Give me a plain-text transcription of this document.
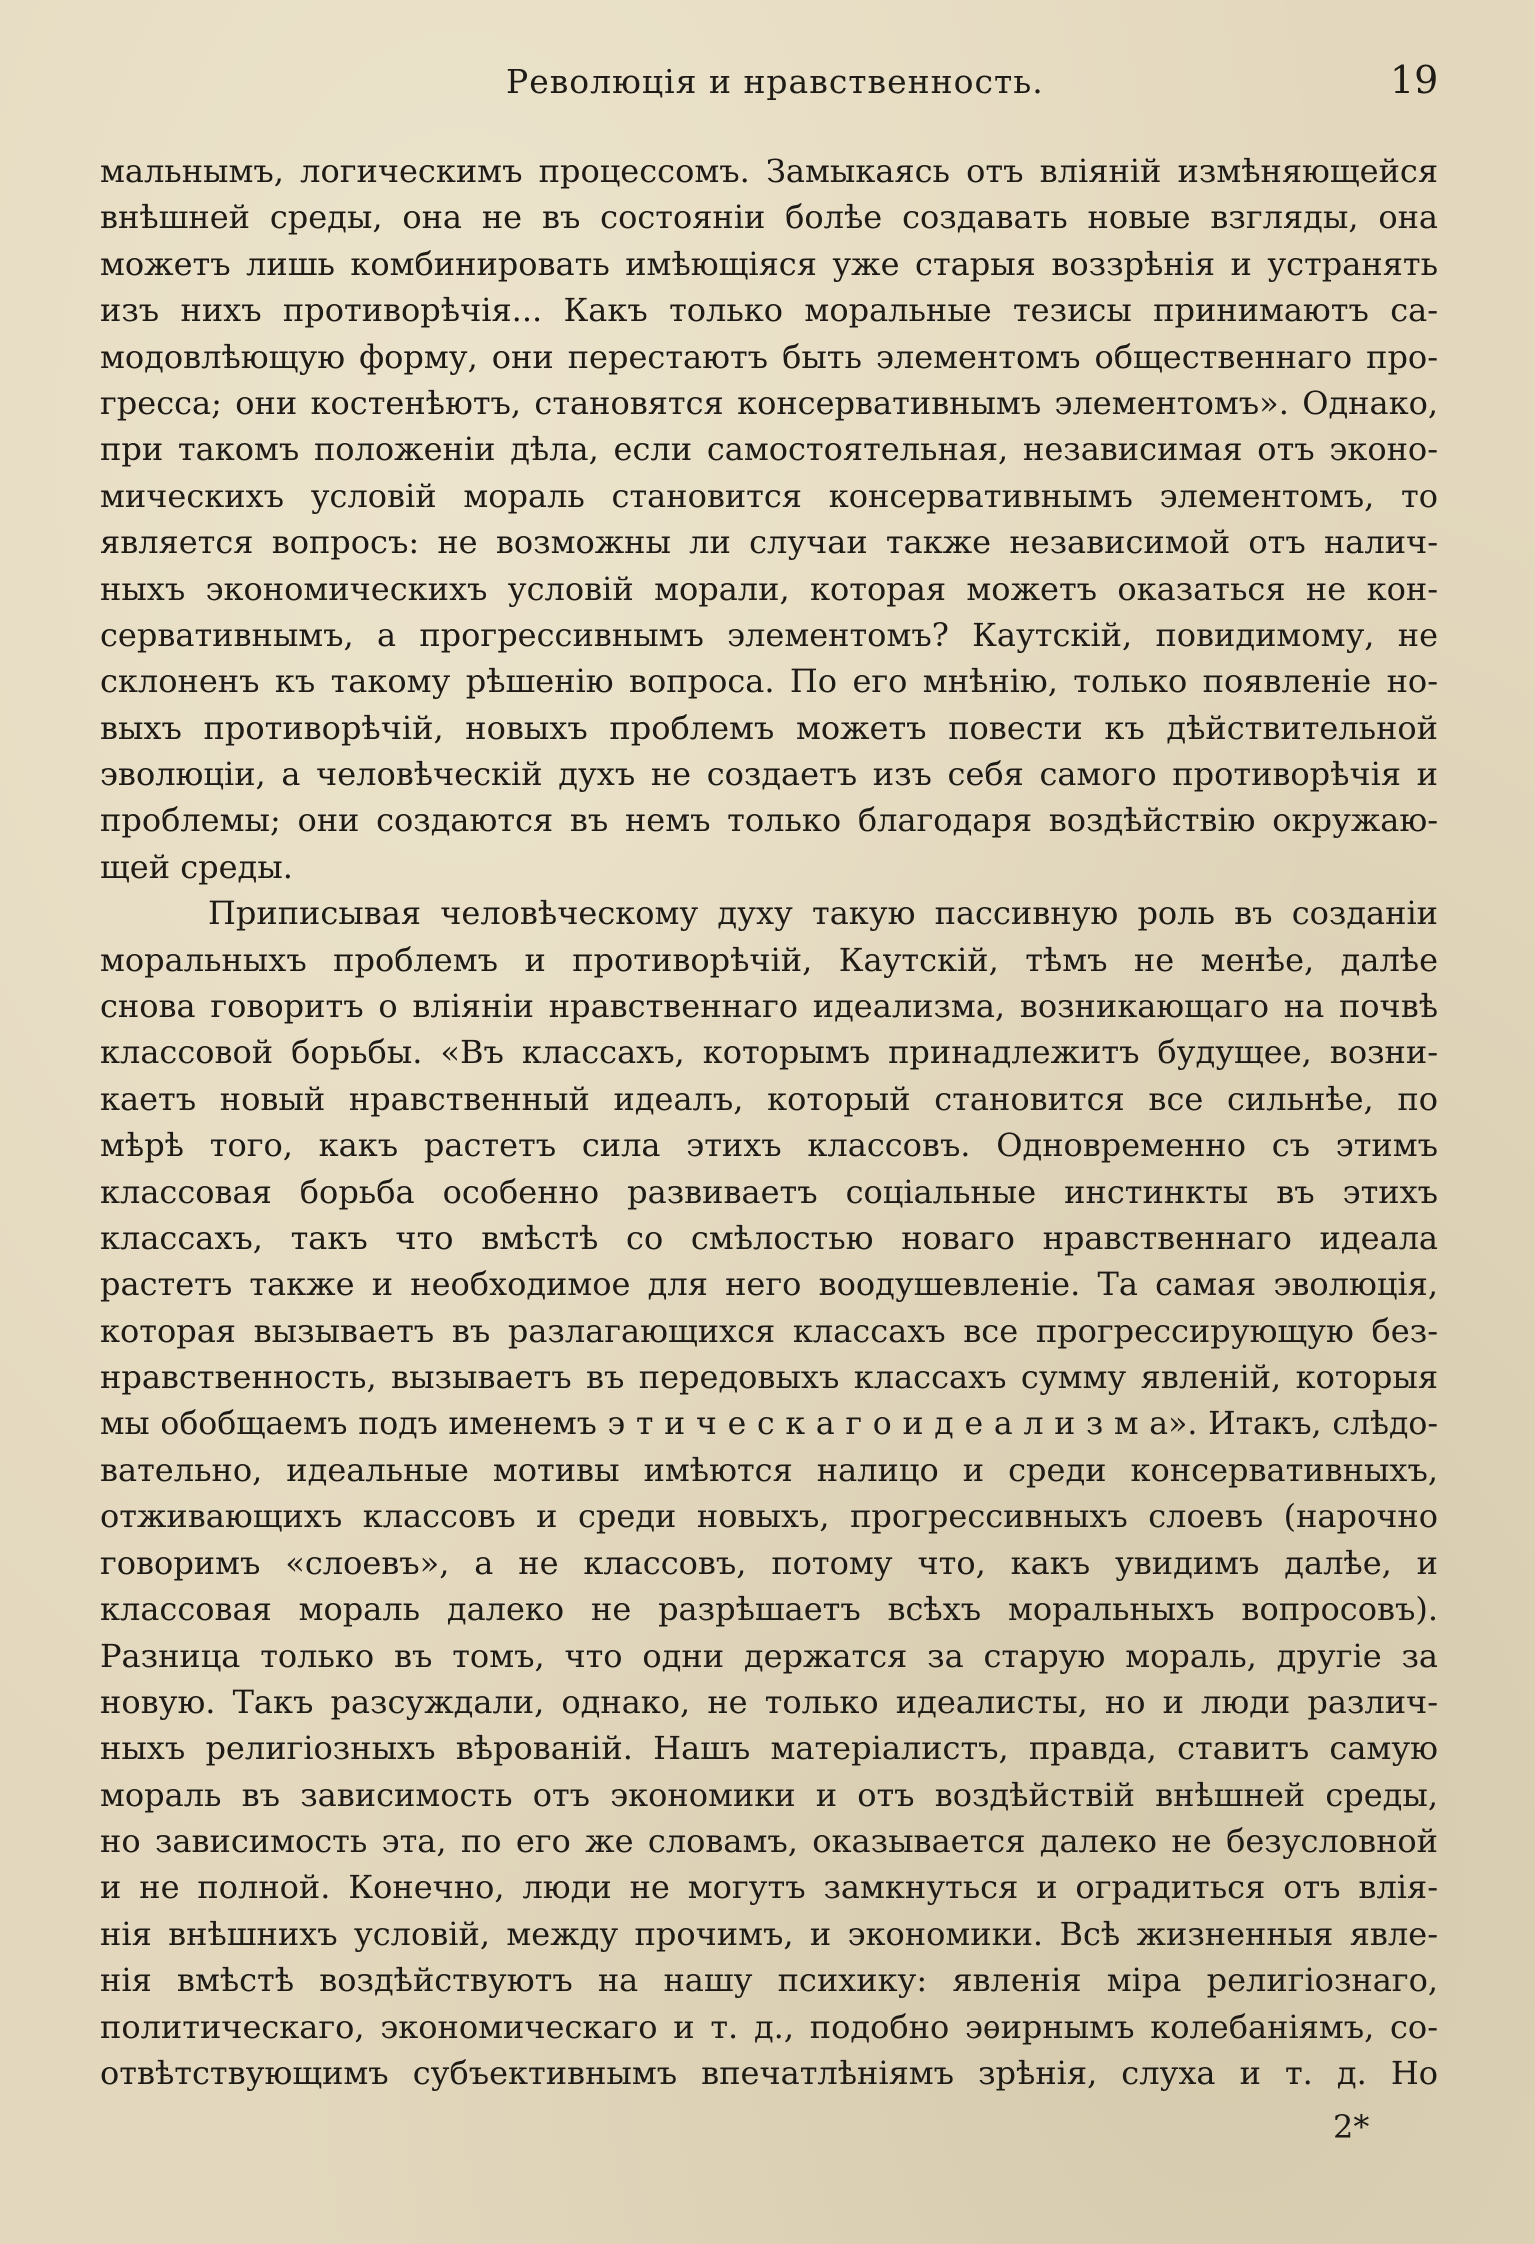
Революція и нравственность.	19
мальнымъ, логическимъ процессомъ. Замыкаясь отъ вліяній измѣняющейся
внѣшней среды, она не въ состояніи болѣе создавать новые взгляды, она
можетъ лишь комбинировать имѣющіяся уже старыя воззрѣнія и устранять
изъ нихъ противорѣчія... Какъ только моральные тезисы принимаютъ са-
модовлѣющую форму, они перестаютъ быть элементомъ общественнаго про-
гресса; они костенѣютъ, становятся консервативнымъ элементомъ». Однако,
при такомъ положеніи дѣла, если самостоятельная, независимая отъ эконо-
мическихъ условій мораль становится консервативнымъ элементомъ, то
является вопросъ: не возможны ли случаи также независимой отъ налич-
ныхъ экономическихъ условій морали, которая можетъ оказаться не кон-
сервативнымъ, а прогрессивнымъ элементомъ? Каутскій, повидимому, не
склоненъ къ такому рѣшенію вопроса. По его мнѣнію, только появленіе но-
выхъ противорѣчій, новыхъ проблемъ можетъ повести къ дѣйствительной
эволюціи, а человѣческій духъ не создаетъ изъ себя самого противорѣчія и
проблемы; они создаются въ немъ только благодаря воздѣйствію окружаю-
щей среды.
Приписывая человѣческому духу такую пассивную роль въ созданіи
моральныхъ проблемъ и противорѣчій, Каутскій, тѣмъ не менѣе, далѣе
снова говоритъ о вліяніи нравственнаго идеализма, возникающаго на почвѣ
классовой борьбы. «Въ классахъ, которымъ принадлежитъ будущее, возни-
каетъ новый нравственный идеалъ, который становится все сильнѣе, по
мѣрѣ того, какъ растетъ сила этихъ классовъ. Одновременно съ этимъ
классовая борьба особенно развиваетъ соціальные инстинкты въ этихъ
классахъ, такъ что вмѣстѣ со смѣлостью новаго нравственнаго идеала
растетъ также и необходимое для него воодушевленіе. Та самая эволюція,
которая вызываетъ въ разлагающихся классахъ все прогрессирующую без-
нравственность, вызываетъ въ передовыхъ классахъ сумму явленій, которыя
мы обобщаемъ подъ именемъ э т и ч е с к а г о и д е а л и з м а». Итакъ, слѣдо-
вательно, идеальные мотивы имѣются налицо и среди консервативныхъ,
отживающихъ классовъ и среди новыхъ, прогрессивныхъ слоевъ (нарочно
говоримъ «слоевъ», а не классовъ, потому что, какъ увидимъ далѣе, и
классовая мораль далеко не разрѣшаетъ всѣхъ моральныхъ вопросовъ).
Разница только въ томъ, что одни держатся за старую мораль, другіе за
новую. Такъ разсуждали, однако, не только идеалисты, но и люди различ-
ныхъ религіозныхъ вѣрованій. Нашъ матеріалистъ, правда, ставитъ самую
мораль въ зависимость отъ экономики и отъ воздѣйствій внѣшней среды,
но зависимость эта, по его же словамъ, оказывается далеко не безусловной
и не полной. Конечно, люди не могутъ замкнуться и оградиться отъ влія-
нія внѣшнихъ условій, между прочимъ, и экономики. Всѣ жизненныя явле-
нія вмѣстѣ воздѣйствуютъ на нашу психику: явленія міра религіознаго,
политическаго, экономическаго и т. д., подобно эѳирнымъ колебаніямъ, со-
отвѣтствующимъ субъективнымъ впечатлѣніямъ зрѣнія, слуха и т. д. Но
2*
